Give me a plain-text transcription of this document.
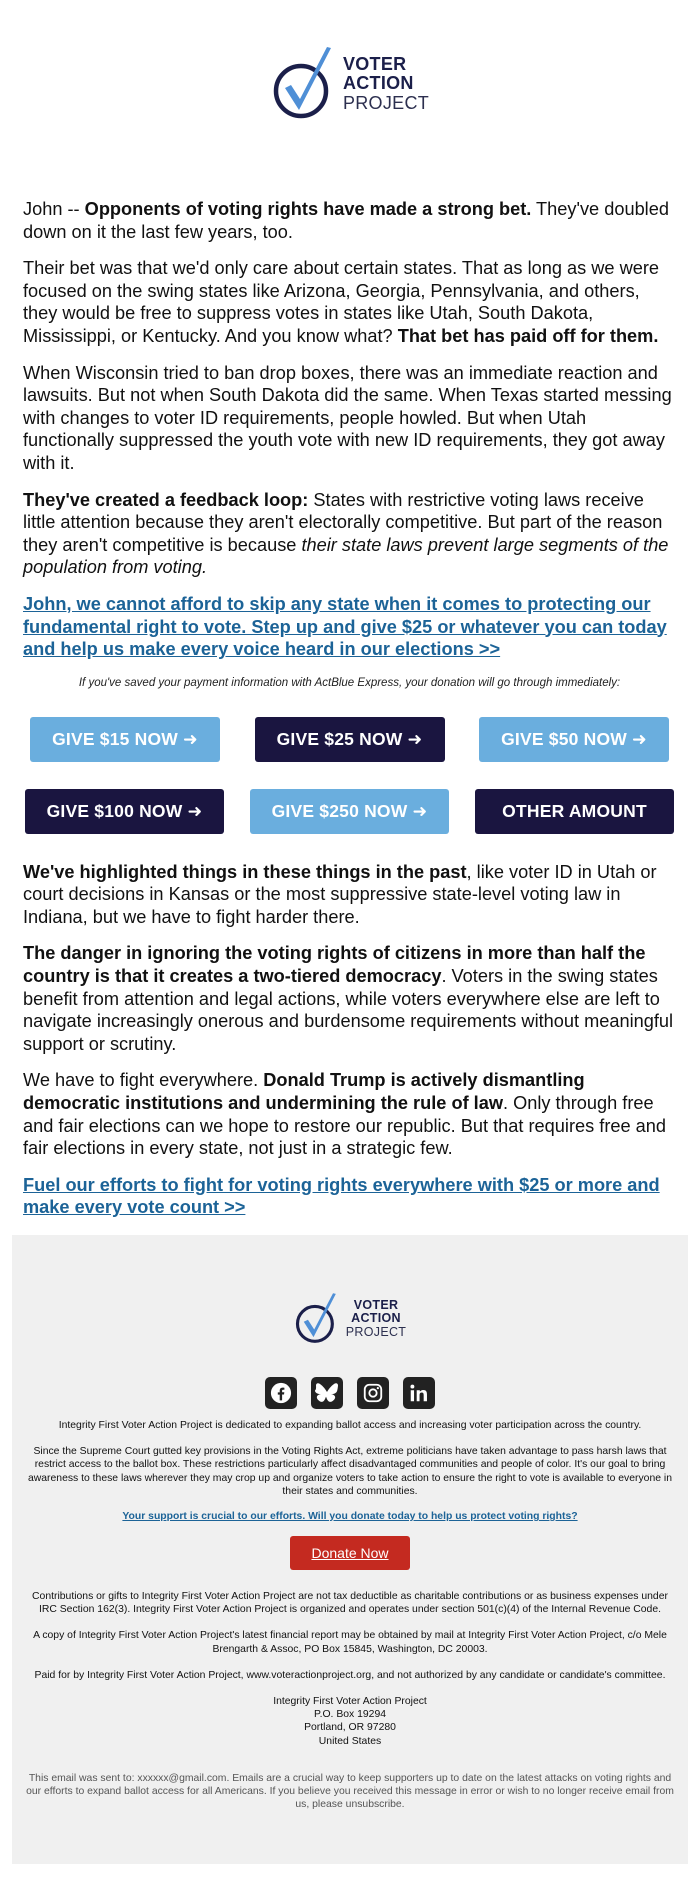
VOTER
ACTION
PROJECT

John -- Opponents of voting rights have made a strong bet. They've doubled down on it the last few years, too.

Their bet was that we'd only care about certain states. That as long as we were focused on the swing states like Arizona, Georgia, Pennsylvania, and others, they would be free to suppress votes in states like Utah, South Dakota, Mississippi, or Kentucky. And you know what? That bet has paid off for them.

When Wisconsin tried to ban drop boxes, there was an immediate reaction and lawsuits. But not when South Dakota did the same. When Texas started messing with changes to voter ID requirements, people howled. But when Utah functionally suppressed the youth vote with new ID requirements, they got away with it.

They've created a feedback loop: States with restrictive voting laws receive little attention because they aren't electorally competitive. But part of the reason they aren't competitive is because their state laws prevent large segments of the population from voting.

John, we cannot afford to skip any state when it comes to protecting our fundamental right to vote. Step up and give $25 or whatever you can today and help us make every voice heard in our elections >>
If you've saved your payment information with ActBlue Express, your donation will go through immediately:
GIVE $15 NOW ➜	GIVE $25 NOW ➜	GIVE $50 NOW ➜
GIVE $100 NOW ➜	GIVE $250 NOW ➜	OTHER AMOUNT

We've highlighted things in these things in the past, like voter ID in Utah or court decisions in Kansas or the most suppressive state-level voting law in Indiana, but we have to fight harder there.

The danger in ignoring the voting rights of citizens in more than half the country is that it creates a two-tiered democracy. Voters in the swing states benefit from attention and legal actions, while voters everywhere else are left to navigate increasingly onerous and burdensome requirements without meaningful support or scrutiny.

We have to fight everywhere. Donald Trump is actively dismantling democratic institutions and undermining the rule of law. Only through free and fair elections can we hope to restore our republic. But that requires free and fair elections in every state, not just in a strategic few.

Fuel our efforts to fight for voting rights everywhere with $25 or more and make every vote count >>
VOTER
ACTION
PROJECT

Integrity First Voter Action Project is dedicated to expanding ballot access and increasing voter participation across the country.

Since the Supreme Court gutted key provisions in the Voting Rights Act, extreme politicians have taken advantage to pass harsh laws that restrict access to the ballot box. These restrictions particularly affect disadvantaged communities and people of color. It's our goal to bring awareness to these laws wherever they may crop up and organize voters to take action to ensure the right to vote is available to everyone in their states and communities.

Your support is crucial to our efforts. Will you donate today to help us protect voting rights?
Donate Now

Contributions or gifts to Integrity First Voter Action Project are not tax deductible as charitable contributions or as business expenses under IRC Section 162(3). Integrity First Voter Action Project is organized and operates under section 501(c)(4) of the Internal Revenue Code.

A copy of Integrity First Voter Action Project's latest financial report may be obtained by mail at Integrity First Voter Action Project, c/o Mele Brengarth & Assoc, PO Box 15845, Washington, DC 20003.

Paid for by Integrity First Voter Action Project, www.voteractionproject.org, and not authorized by any candidate or candidate's committee.

Integrity First Voter Action Project
P.O. Box 19294
Portland, OR 97280
United States

This email was sent to: xxxxxx@gmail.com. Emails are a crucial way to keep supporters up to date on the latest attacks on voting rights and our efforts to expand ballot access for all Americans. If you believe you received this message in error or wish to no longer receive email from us, please unsubscribe.
